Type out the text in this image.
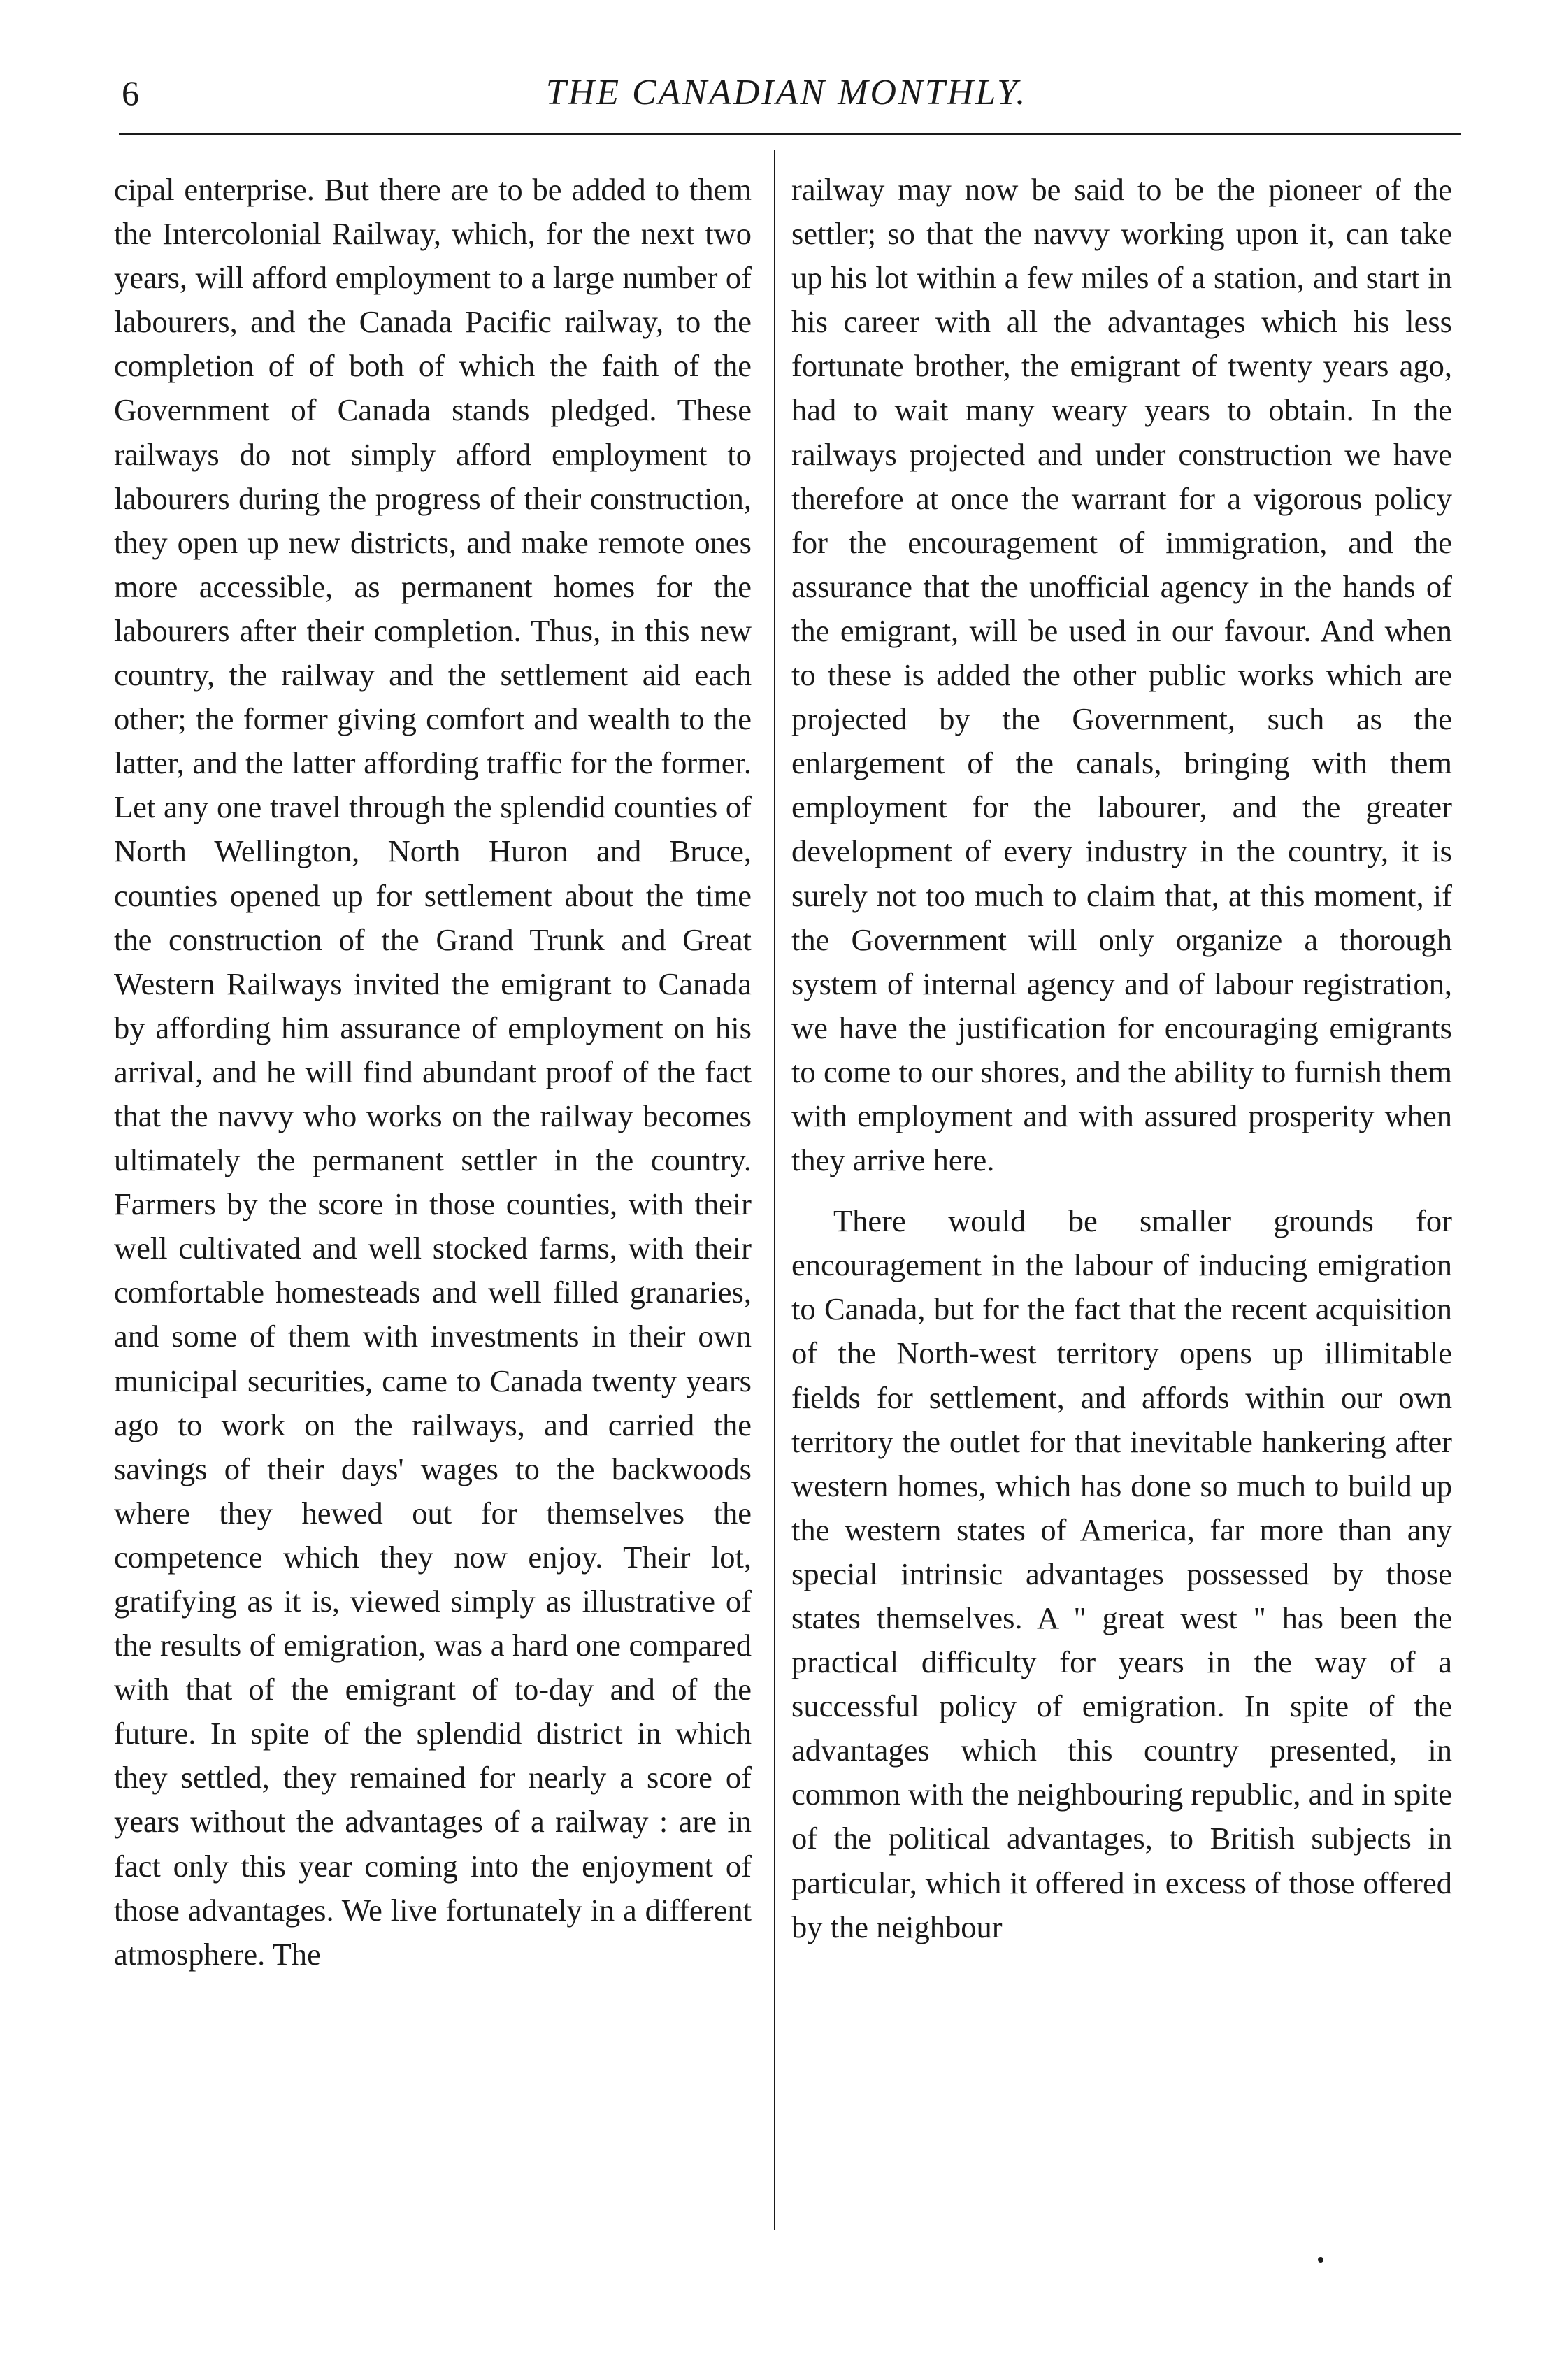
6	THE CANADIAN MONTHLY.

cipal enterprise. But there are to be added to them the Intercolonial Railway, which, for the next two years, will afford employment to a large number of labourers, and the Canada Pacific railway, to the completion of of both of which the faith of the Government of Canada stands pledged. These railways do not simply afford employment to labourers during the progress of their construction, they open up new districts, and make remote ones more accessible, as permanent homes for the labourers after their completion. Thus, in this new country, the railway and the settlement aid each other; the former giving comfort and wealth to the latter, and the latter affording traffic for the former. Let any one travel through the splendid counties of North Wellington, North Huron and Bruce, counties opened up for settlement about the time the construction of the Grand Trunk and Great Western Railways invited the emigrant to Canada by affording him assurance of employment on his arrival, and he will find abundant proof of the fact that the navvy who works on the railway becomes ultimately the permanent settler in the country. Farmers by the score in those counties, with their well cultivated and well stocked farms, with their comfortable homesteads and well filled granaries, and some of them with investments in their own municipal securities, came to Canada twenty years ago to work on the railways, and carried the savings of their days' wages to the backwoods where they hewed out for themselves the competence which they now enjoy. Their lot, gratifying as it is, viewed simply as illustrative of the results of emigration, was a hard one compared with that of the emigrant of to-day and of the future. In spite of the splendid district in which they settled, they remained for nearly a score of years without the advantages of a railway : are in fact only this year coming into the enjoyment of those advantages. We live fortunately in a different atmosphere. The

railway may now be said to be the pioneer of the settler; so that the navvy working upon it, can take up his lot within a few miles of a station, and start in his career with all the advantages which his less fortunate brother, the emigrant of twenty years ago, had to wait many weary years to obtain. In the railways projected and under construction we have therefore at once the warrant for a vigorous policy for the encouragement of immigration, and the assurance that the unofficial agency in the hands of the emigrant, will be used in our favour. And when to these is added the other public works which are projected by the Government, such as the enlargement of the canals, bringing with them employment for the labourer, and the greater development of every industry in the country, it is surely not too much to claim that, at this moment, if the Government will only organize a thorough system of internal agency and of labour registration, we have the justification for encouraging emigrants to come to our shores, and the ability to furnish them with employment and with assured prosperity when they arrive here.

There would be smaller grounds for encouragement in the labour of inducing emigration to Canada, but for the fact that the recent acquisition of the North-west territory opens up illimitable fields for settlement, and affords within our own territory the outlet for that inevitable hankering after western homes, which has done so much to build up the western states of America, far more than any special intrinsic advantages possessed by those states themselves. A " great west " has been the practical difficulty for years in the way of a successful policy of emigration. In spite of the advantages which this country presented, in common with the neighbouring republic, and in spite of the political advantages, to British subjects in particular, which it offered in excess of those offered by the neighbour
